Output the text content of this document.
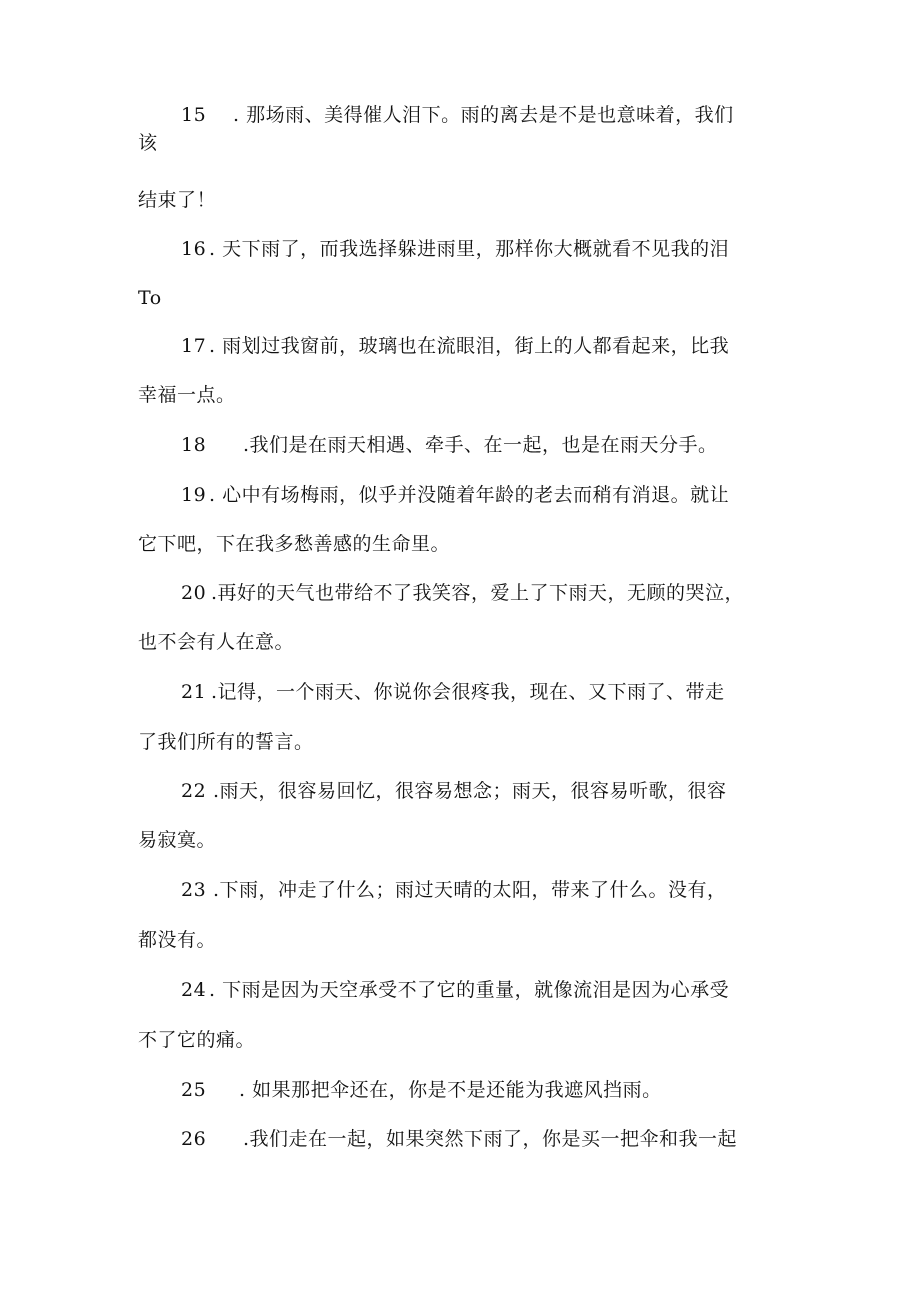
15 . 那场雨、美得催人泪下。雨的离去是不是也意味着，我们
该
结束了！
16 . 天下雨了，而我选择躲进雨里，那样你大概就看不见我的泪
To
17 . 雨划过我窗前，玻璃也在流眼泪，街上的人都看起来，比我
幸福一点。
18 .我们是在雨天相遇、牵手、在一起，也是在雨天分手。
19 . 心中有场梅雨，似乎并没随着年龄的老去而稍有消退。就让
它下吧，下在我多愁善感的生命里。
20 .再好的天气也带给不了我笑容，爱上了下雨天，无顾的哭泣，
也不会有人在意。
21 .记得，一个雨天、你说你会很疼我，现在、又下雨了、带走
了我们所有的誓言。
22 .雨天，很容易回忆，很容易想念；雨天，很容易听歌，很容
易寂寞。
23 .下雨，冲走了什么；雨过天晴的太阳，带来了什么。没有，
都没有。
24 . 下雨是因为天空承受不了它的重量，就像流泪是因为心承受
不了它的痛。
25 . 如果那把伞还在，你是不是还能为我遮风挡雨。
26 .我们走在一起，如果突然下雨了，你是买一把伞和我一起
